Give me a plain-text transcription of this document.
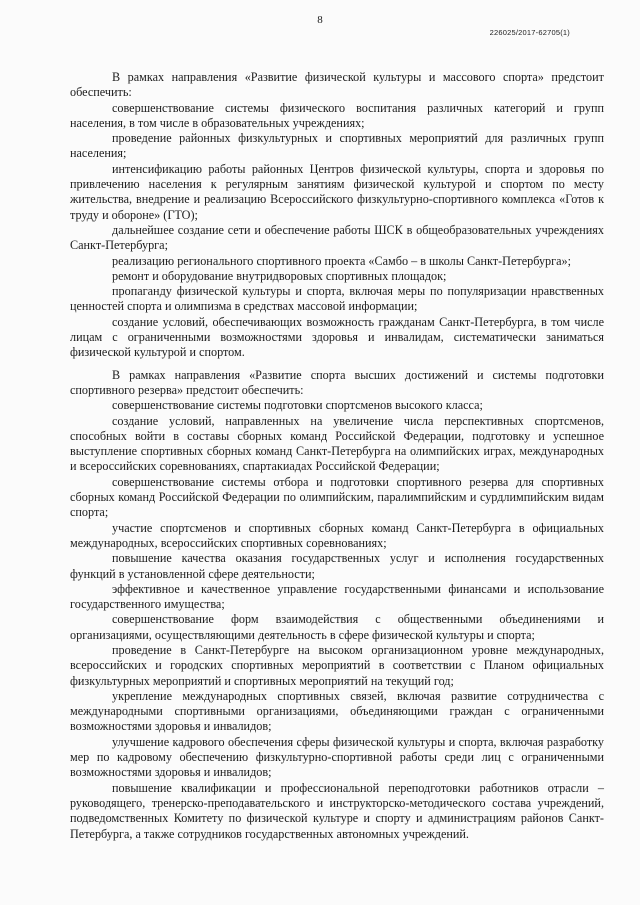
8
226025/2017-62705(1)

В рамках направления «Развитие физической культуры и массового спорта» предстоит обеспечить:

совершенствование системы физического воспитания различных категорий и групп населения, в том числе в образовательных учреждениях;

проведение районных физкультурных и спортивных мероприятий для различных групп населения;

интенсификацию работы районных Центров физической культуры, спорта и здоровья по привлечению населения к регулярным занятиям физической культурой и спортом по месту жительства, внедрение и реализацию Всероссийского физкультурно-спортивного комплекса «Готов к труду и обороне» (ГТО);

дальнейшее создание сети и обеспечение работы ШСК в общеобразовательных учреждениях Санкт-Петербурга;

реализацию регионального спортивного проекта «Самбо – в школы Санкт-Петербурга»;

ремонт и оборудование внутридворовых спортивных площадок;

пропаганду физической культуры и спорта, включая меры по популяризации нравственных ценностей спорта и олимпизма в средствах массовой информации;

создание условий, обеспечивающих возможность гражданам Санкт-Петербурга, в том числе лицам с ограниченными возможностями здоровья и инвалидам, систематически заниматься физической культурой и спортом.

В рамках направления «Развитие спорта высших достижений и системы подготовки спортивного резерва» предстоит обеспечить:

совершенствование системы подготовки спортсменов высокого класса;

создание условий, направленных на увеличение числа перспективных спортсменов, способных войти в составы сборных команд Российской Федерации, подготовку и успешное выступление спортивных сборных команд Санкт-Петербурга на олимпийских играх, международных и всероссийских соревнованиях, спартакиадах Российской Федерации;

совершенствование системы отбора и подготовки спортивного резерва для спортивных сборных команд Российской Федерации по олимпийским, паралимпийским и сурдлимпийским видам спорта;

участие спортсменов и спортивных сборных команд Санкт-Петербурга в официальных международных, всероссийских спортивных соревнованиях;

повышение качества оказания государственных услуг и исполнения государственных функций в установленной сфере деятельности;

эффективное и качественное управление государственными финансами и использование государственного имущества;

совершенствование форм взаимодействия с общественными объединениями и организациями, осуществляющими деятельность в сфере физической культуры и спорта;

проведение в Санкт-Петербурге на высоком организационном уровне международных, всероссийских и городских спортивных мероприятий в соответствии с Планом официальных физкультурных мероприятий и спортивных мероприятий на текущий год;

укрепление международных спортивных связей, включая развитие сотрудничества с международными спортивными организациями, объединяющими граждан с ограниченными возможностями здоровья и инвалидов;

улучшение кадрового обеспечения сферы физической культуры и спорта, включая разработку мер по кадровому обеспечению физкультурно-спортивной работы среди лиц с ограниченными возможностями здоровья и инвалидов;

повышение квалификации и профессиональной переподготовки работников отрасли – руководящего, тренерско-преподавательского и инструкторско-методического состава учреждений, подведомственных Комитету по физической культуре и спорту и администрациям районов Санкт-Петербурга, а также сотрудников государственных автономных учреждений.
